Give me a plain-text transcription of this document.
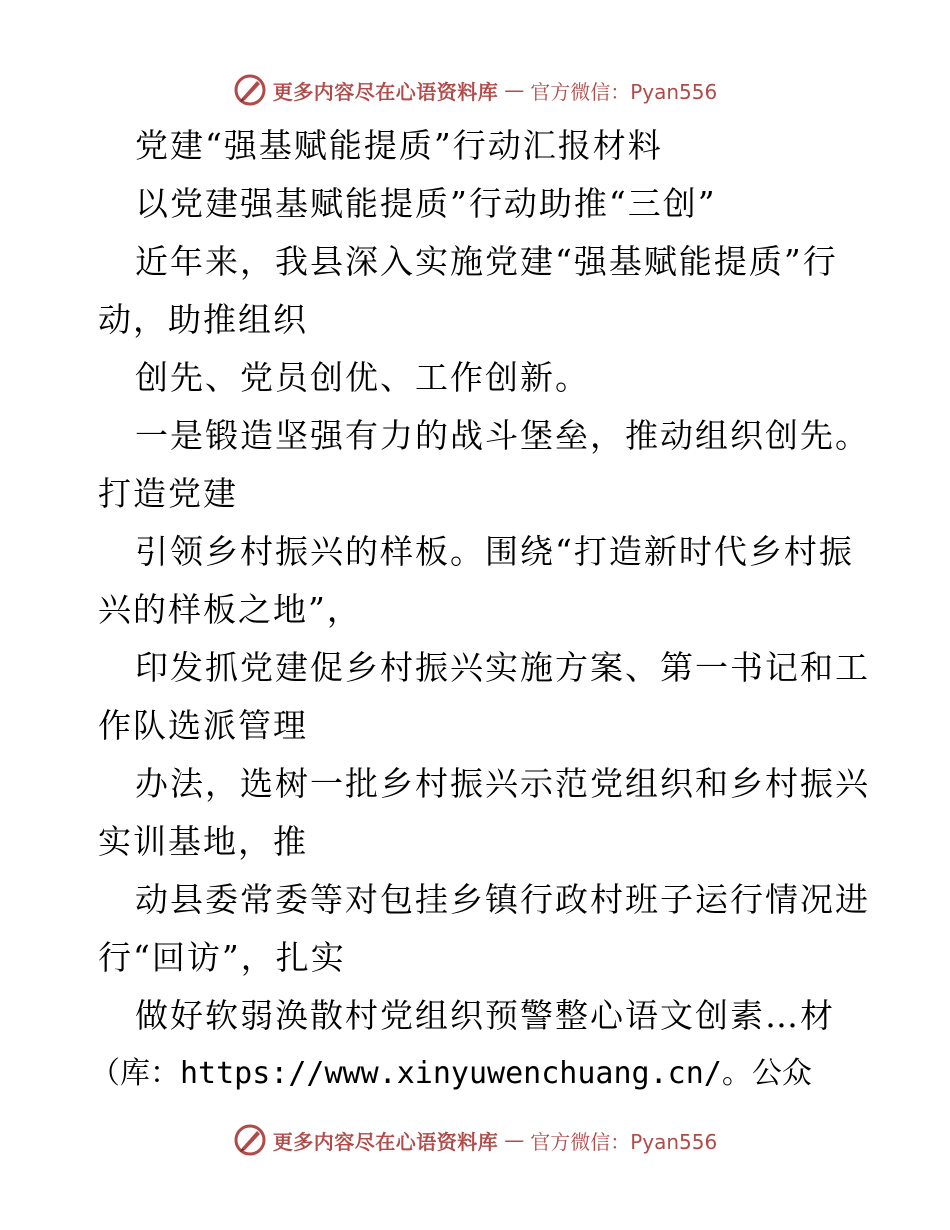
更多内容尽在心语资料库 — 官方微信：Pyan556
党建“强基赋能提质”行动汇报材料
以党建强基赋能提质”行动助推“三创”
近年来，我县深入实施党建“强基赋能提质”行
动，助推组织
创先、党员创优、工作创新。
一是锻造坚强有力的战斗堡垒，推动组织创先。
打造党建
引领乡村振兴的样板。围绕“打造新时代乡村振
兴的样板之地”，
印发抓党建促乡村振兴实施方案、第一书记和工
作队选派管理
办法，选树一批乡村振兴示范党组织和乡村振兴
实训基地，推
动县委常委等对包挂乡镇行政村班子运行情况进
行“回访”，扎实
做好软弱涣散村党组织预警整心语文创素…材
（库：https://www.xinyuwenchuang.cn/。公众
更多内容尽在心语资料库 — 官方微信：Pyan556
